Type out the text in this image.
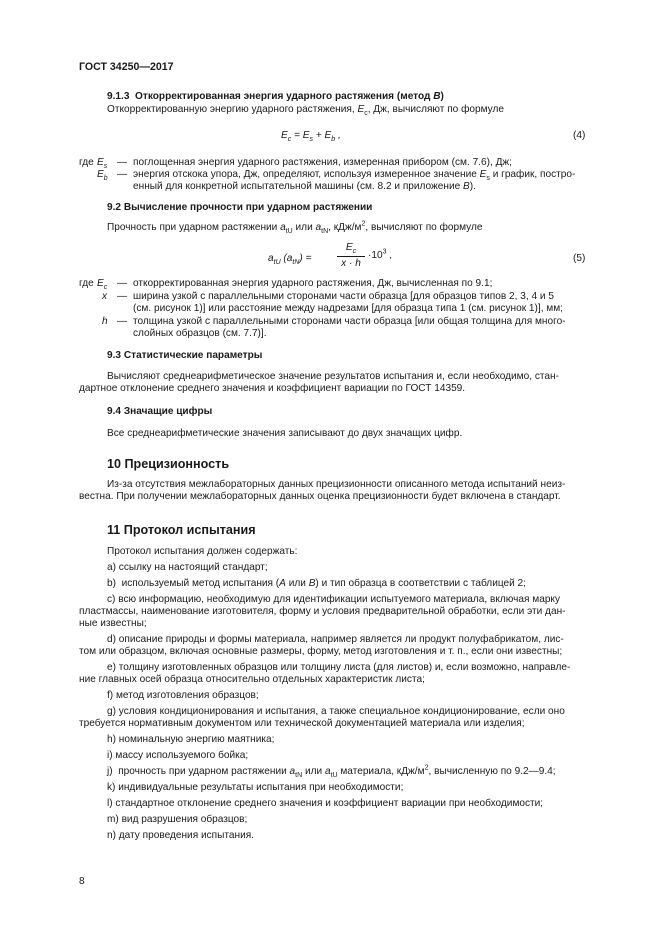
ГОСТ 34250—2017
9.1.3  Откорректированная энергия ударного растяжения (метод B)
Откорректированную энергию ударного растяжения, $E_c$, Дж, вычисляют по формуле
$E_c = E_s + E_b$ ,	(4)
где $E_s$ — поглощенная энергия ударного растяжения, измеренная прибором (см. 7.6), Дж;
$E_b$ — энергия отскока упора, Дж, определяют, используя измеренное значение $E_s$ и график, постро-
енный для конкретной испытательной машины (см. 8.2 и приложение B).
9.2 Вычисление прочности при ударном растяжении
Прочность при ударном растяжении $a_{tU}$ или $a_{tN}$, кДж/$м^2$, вычисляют по формуле
$a_{tU}$ $(a_{tN})$ =
$E_c$
x · h
$\cdot 10^3$ ,	(5)
где $E_c$ — откорректированная энергия ударного растяжения, Дж, вычисленная по 9.1;
x — ширина узкой с параллельными сторонами части образца [для образцов типов 2, 3, 4 и 5
(см. рисунок 1)] или расстояние между надрезами [для образца типа 1 (см. рисунок 1)], мм;
h — толщина узкой с параллельными сторонами части образца [или общая толщина для много-
слойных образцов (см. 7.7)].
9.3 Статистические параметры
Вычисляют среднеарифметическое значение результатов испытания и, если необходимо, стан-
дартное отклонение среднего значения и коэффициент вариации по ГОСТ 14359.
9.4 Значащие цифры
Все среднеарифметические значения записывают до двух значащих цифр.
10 Прецизионность
Из-за отсутствия межлабораторных данных прецизионности описанного метода испытаний неиз-
вестна. При получении межлабораторных данных оценка прецизионности будет включена в стандарт.
11 Протокол испытания
Протокол испытания должен содержать:
а) ссылку на настоящий стандарт;
b)  используемый метод испытания (A или B) и тип образца в соответствии с таблицей 2;
c) всю информацию, необходимую для идентификации испытуемого материала, включая марку
пластмассы, наименование изготовителя, форму и условия предварительной обработки, если эти дан-
ные известны;
d) описание природы и формы материала, например является ли продукт полуфабрикатом, лис-
том или образцом, включая основные размеры, форму, метод изготовления и т. п., если они известны;
e) толщину изготовленных образцов или толщину листа (для листов) и, если возможно, направле-
ние главных осей образца относительно отдельных характеристик листа;
f) метод изготовления образцов;
g) условия кондиционирования и испытания, а также специальное кондиционирование, если оно
требуется нормативным документом или технической документацией материала или изделия;
h) номинальную энергию маятника;
i) массу используемого бойка;
j)  прочность при ударном растяжении $a_{tN}$ или $a_{tU}$ материала, кДж/$м^2$, вычисленную по 9.2—9.4;
k) индивидуальные результаты испытания при необходимости;
l) стандартное отклонение среднего значения и коэффициент вариации при необходимости;
m) вид разрушения образцов;
n) дату проведения испытания.
8
